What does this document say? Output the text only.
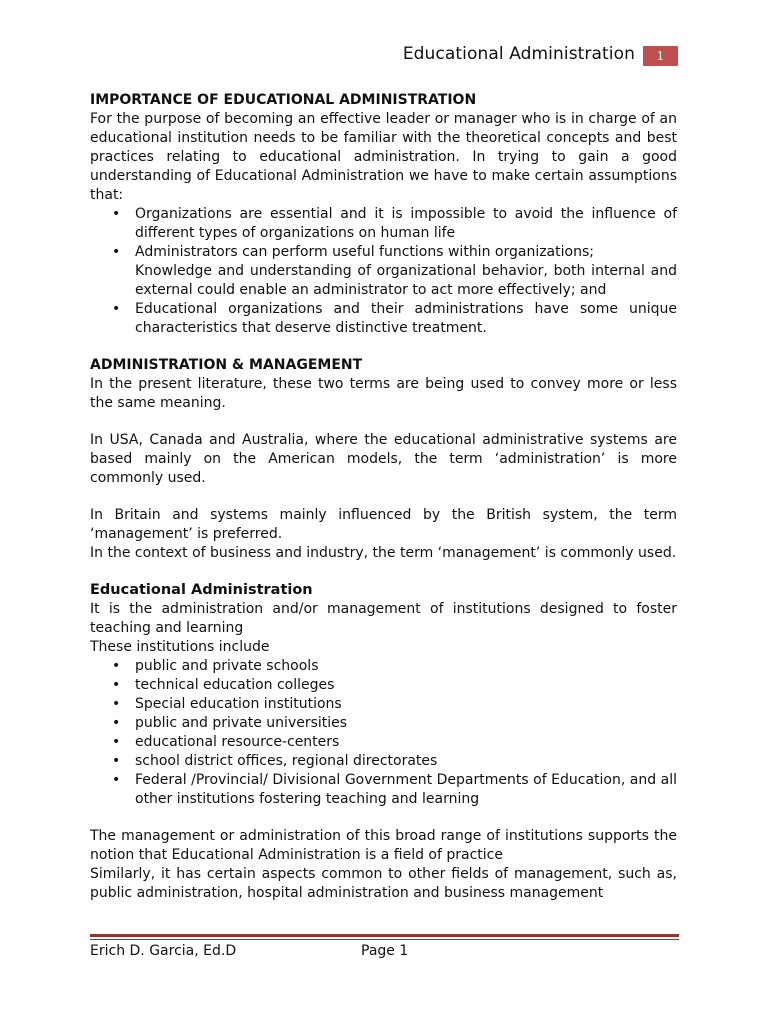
Educational Administration	1

IMPORTANCE OF EDUCATIONAL ADMINISTRATION

For the purpose of becoming an effective leader or manager who is in charge of an educational institution needs to be familiar with the theoretical concepts and best practices relating to educational administration. In trying to gain a good understanding of Educational Administration we have to make certain assumptions that:

• Organizations are essential and it is impossible to avoid the influence of different types of organizations on human life
• Administrators can perform useful functions within organizations;
Knowledge and understanding of organizational behavior, both internal and external could enable an administrator to act more effectively; and
• Educational organizations and their administrations have some unique characteristics that deserve distinctive treatment.

ADMINISTRATION & MANAGEMENT

In the present literature, these two terms are being used to convey more or less the same meaning.

In USA, Canada and Australia, where the educational administrative systems are based mainly on the American models, the term ‘administration’ is more commonly used.

In Britain and systems mainly influenced by the British system, the term ‘management’ is preferred.

In the context of business and industry, the term ‘management’ is commonly used.

Educational Administration

It is the administration and/or management of institutions designed to foster teaching and learning

These institutions include

• public and private schools
• technical education colleges
• Special education institutions
• public and private universities
• educational resource-centers
• school district offices, regional directorates
• Federal /Provincial/ Divisional Government Departments of Education, and all other institutions fostering teaching and learning

The management or administration of this broad range of institutions supports the notion that Educational Administration is a field of practice

Similarly, it has certain aspects common to other fields of management, such as, public administration, hospital administration and business management

Erich D. Garcia, Ed.D	Page 1
